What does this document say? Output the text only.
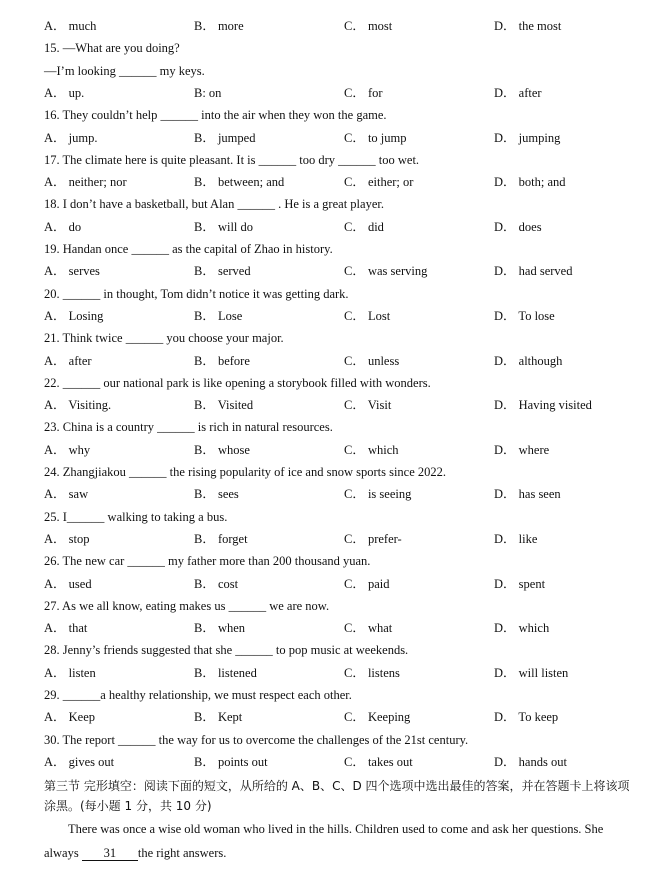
A． much	B． more	C． most	D． the most
15. —What are you doing?
—I’m looking ______ my keys.
A． up.	B: on	C． for	D． after
16. They couldn’t help ______ into the air when they won the game.
A． jump.	B． jumped	C． to jump	D． jumping
17. The climate here is quite pleasant. It is ______ too dry ______ too wet.
A． neither; nor	B． between; and	C． either; or	D． both; and
18. I don’t have a basketball, but Alan ______ . He is a great player.
A． do	B． will do	C． did	D． does
19. Handan once ______ as the capital of Zhao in history.
A． serves	B． served	C． was serving	D． had served
20. ______ in thought, Tom didn’t notice it was getting dark.
A． Losing	B． Lose	C． Lost	D． To lose
21. Think twice ______ you choose your major.
A． after	B． before	C． unless	D． although
22. ______ our national park is like opening a storybook filled with wonders.
A． Visiting.	B． Visited	C． Visit	D． Having visited
23. China is a country ______ is rich in natural resources.
A． why	B． whose	C． which	D． where
24. Zhangjiakou ______ the rising popularity of ice and snow sports since 2022.
A． saw	B． sees	C． is seeing	D． has seen
25. I______ walking to taking a bus.
A． stop	B． forget	C． prefer-	D． like
26. The new car ______ my father more than 200 thousand yuan.
A． used	B． cost	C． paid	D． spent
27. As we all know, eating makes us ______ we are now.
A． that	B． when	C． what	D． which
28. Jenny’s friends suggested that she ______ to pop music at weekends.
A． listen	B． listened	C． listens	D． will listen
29. ______a healthy relationship, we must respect each other.
A． Keep	B． Kept	C． Keeping	D． To keep
30. The report ______ the way for us to overcome the challenges of the 21st century.
A． gives out	B． points out	C． takes out	D． hands out
第三节 完形填空：阅读下面的短文，从所给的 A、B、C、D 四个选项中选出最佳的答案，并在答题卡上将该项涂黑。(每小题 1 分，共 10 分)
There was once a wise old woman who lived in the hills. Children used to come and ask her questions. She
always 31 the right answers.
